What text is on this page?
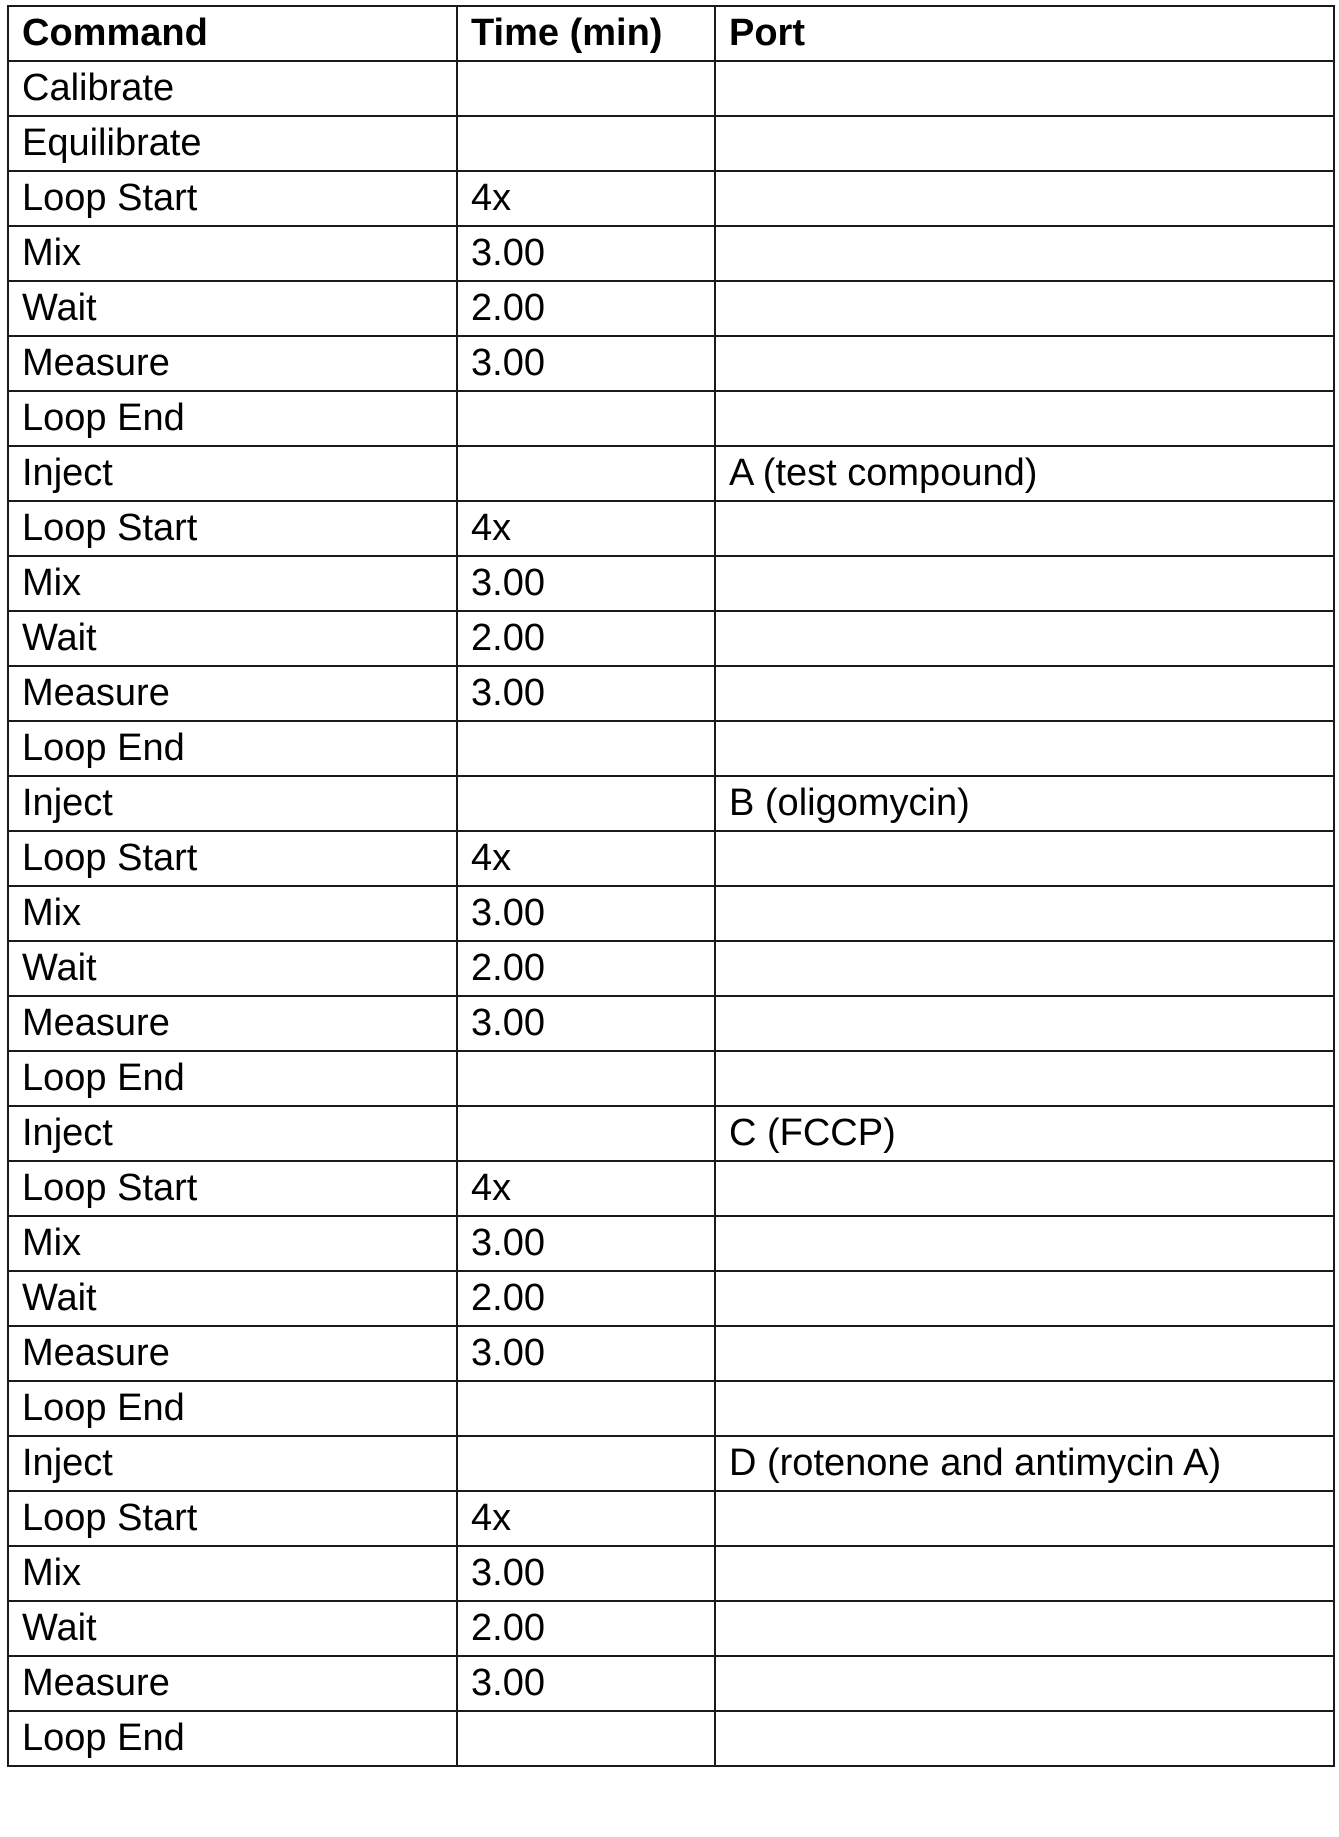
Command	Time (min)	Port
Calibrate		
Equilibrate		
Loop Start	4x	
Mix	3.00	
Wait	2.00	
Measure	3.00	
Loop End		
Inject		A (test compound)
Loop Start	4x	
Mix	3.00	
Wait	2.00	
Measure	3.00	
Loop End		
Inject		B (oligomycin)
Loop Start	4x	
Mix	3.00	
Wait	2.00	
Measure	3.00	
Loop End		
Inject		C (FCCP)
Loop Start	4x	
Mix	3.00	
Wait	2.00	
Measure	3.00	
Loop End		
Inject		D (rotenone and antimycin A)
Loop Start	4x	
Mix	3.00	
Wait	2.00	
Measure	3.00	
Loop End		
